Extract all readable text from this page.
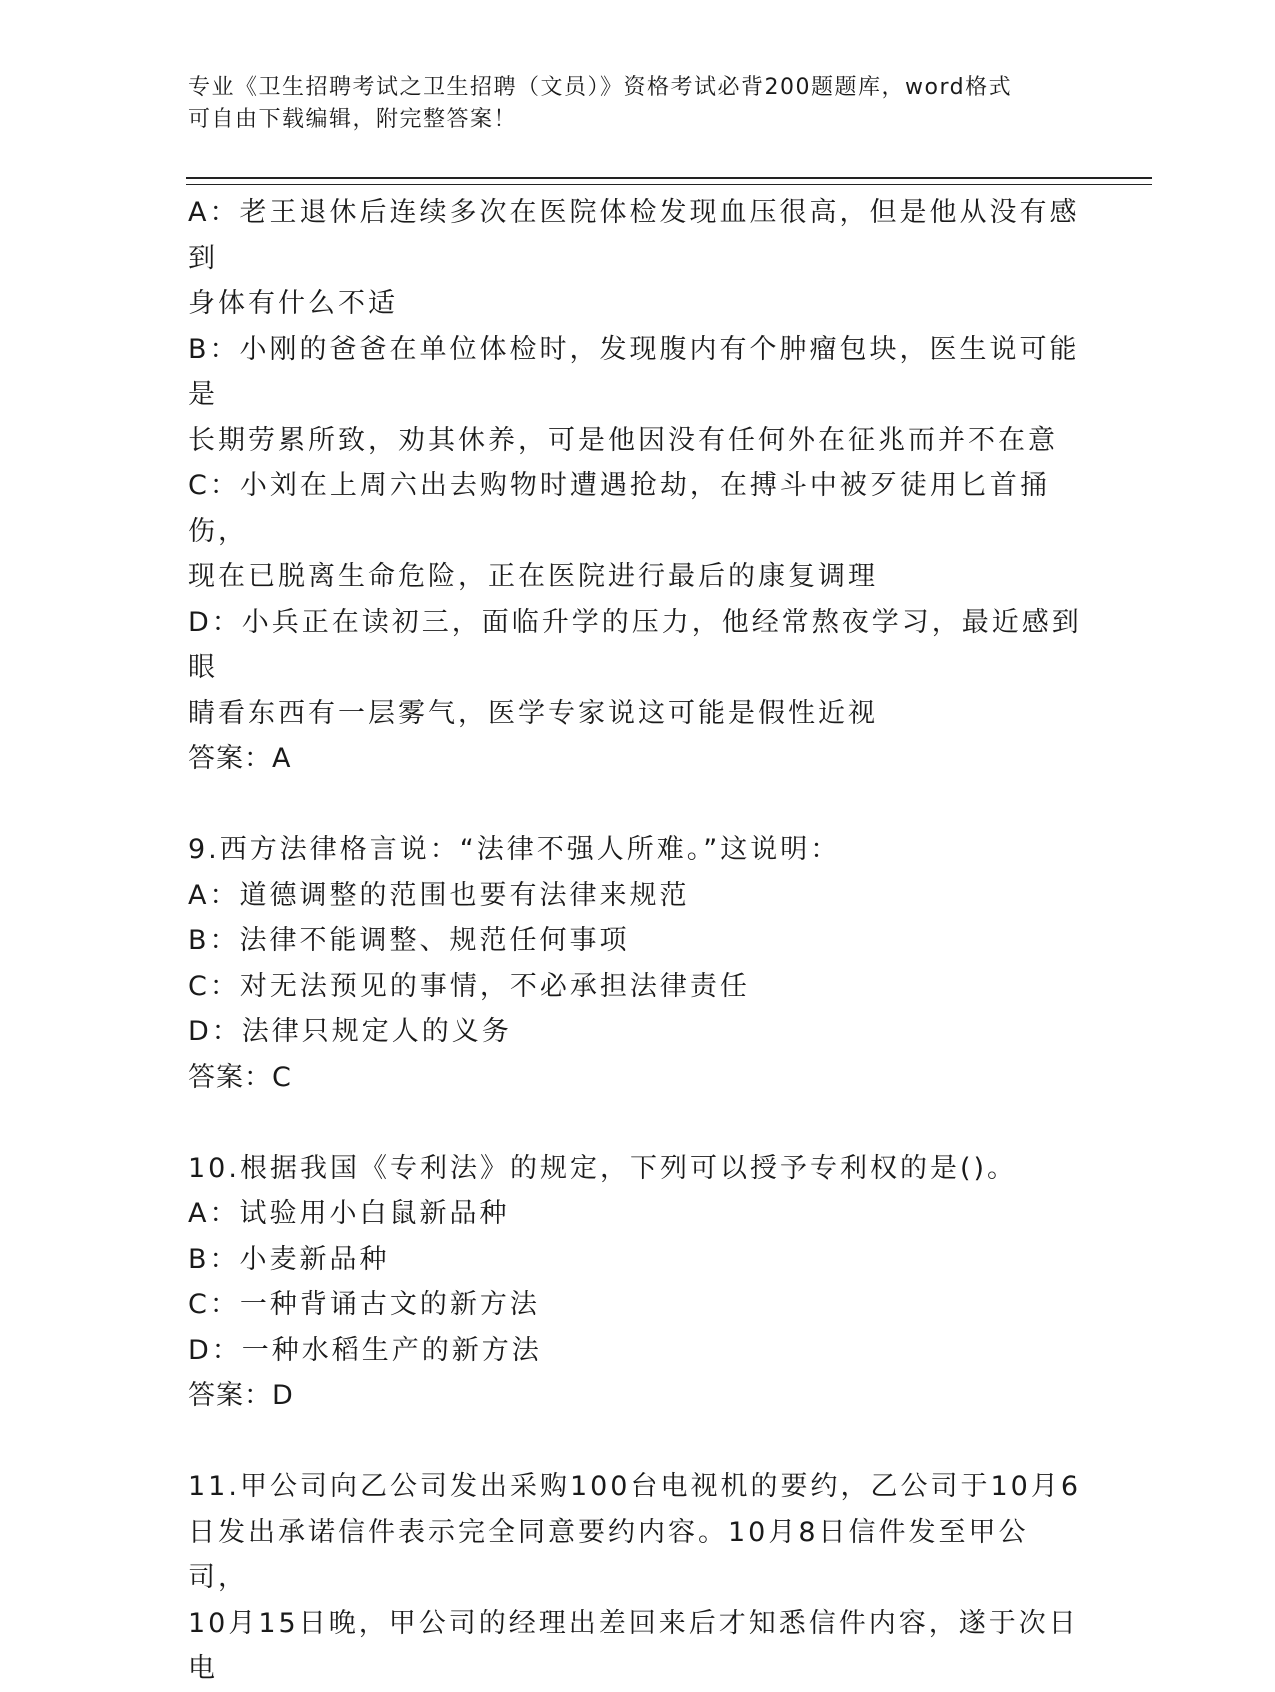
专业《卫生招聘考试之卫生招聘（文员）》资格考试必背200题题库，word格式
可自由下载编辑，附完整答案！

A：老王退休后连续多次在医院体检发现血压很高，但是他从没有感到

身体有什么不适

B：小刚的爸爸在单位体检时，发现腹内有个肿瘤包块，医生说可能是

长期劳累所致，劝其休养，可是他因没有任何外在征兆而并不在意

C：小刘在上周六出去购物时遭遇抢劫，在搏斗中被歹徒用匕首捅伤，

现在已脱离生命危险，正在医院进行最后的康复调理

D：小兵正在读初三，面临升学的压力，他经常熬夜学习，最近感到眼

睛看东西有一层雾气，医学专家说这可能是假性近视

答案：A

9.西方法律格言说：“法律不强人所难。”这说明：

A：道德调整的范围也要有法律来规范

B：法律不能调整、规范任何事项

C：对无法预见的事情，不必承担法律责任

D：法律只规定人的义务

答案：C

10.根据我国《专利法》的规定，下列可以授予专利权的是()。

A：试验用小白鼠新品种

B：小麦新品种

C：一种背诵古文的新方法

D：一种水稻生产的新方法

答案：D

11.甲公司向乙公司发出采购100台电视机的要约，乙公司于10月6

日发出承诺信件表示完全同意要约内容。10月8日信件发至甲公司，

10月15日晚，甲公司的经理出差回来后才知悉信件内容，遂于次日电
